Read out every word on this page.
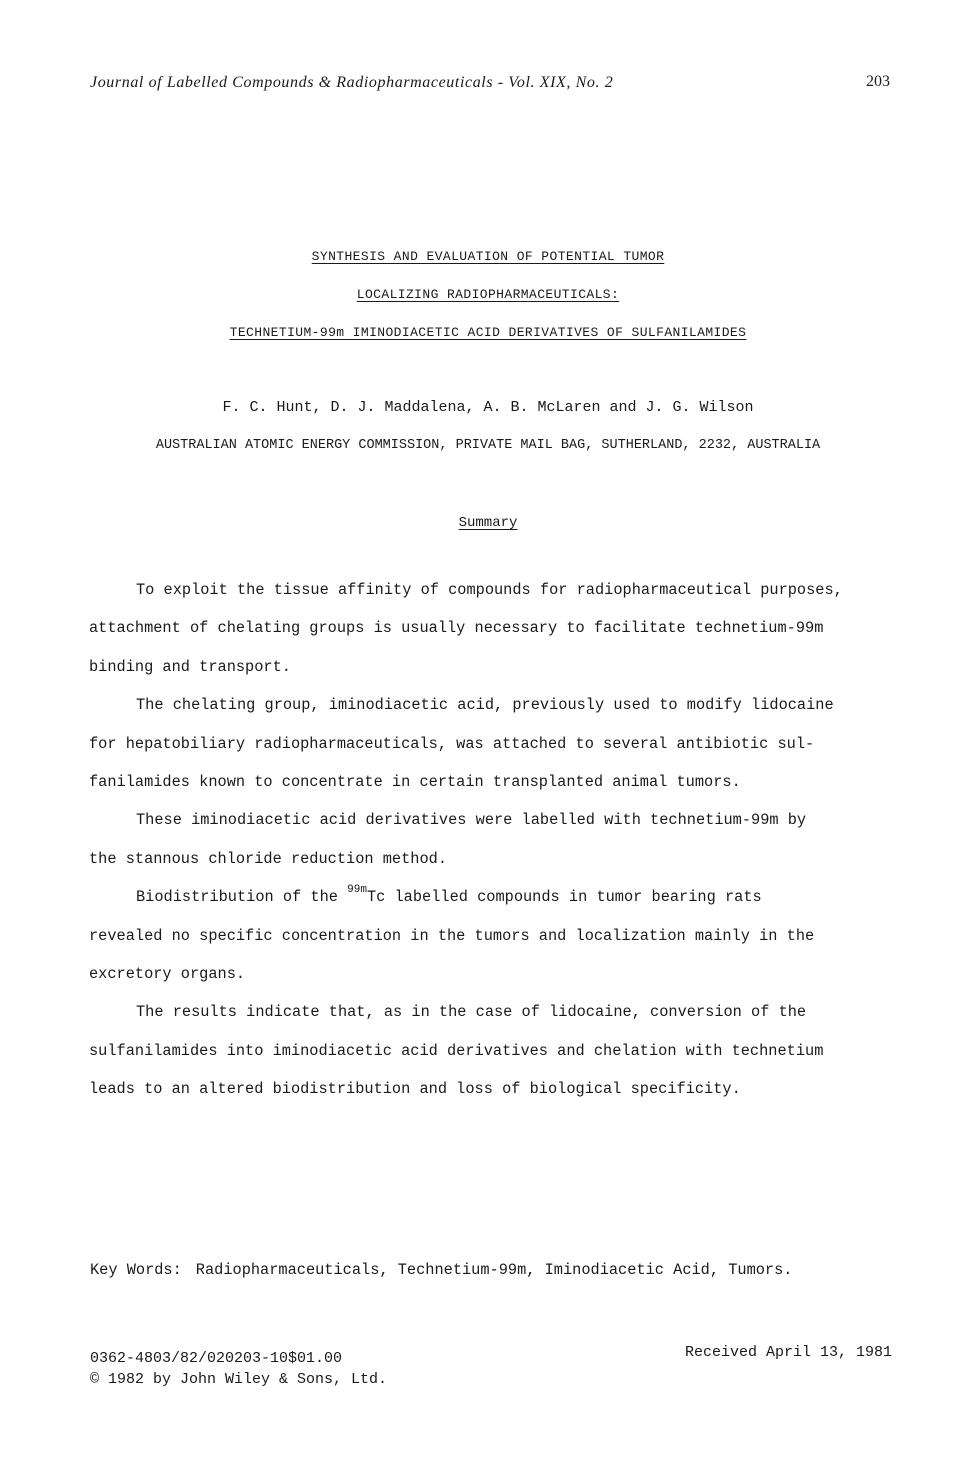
Journal of Labelled Compounds & Radiopharmaceuticals - Vol. XIX, No. 2	203
SYNTHESIS AND EVALUATION OF POTENTIAL TUMOR
LOCALIZING RADIOPHARMACEUTICALS:
TECHNETIUM-99m IMINODIACETIC ACID DERIVATIVES OF SULFANILAMIDES
F. C. Hunt, D. J. Maddalena, A. B. McLaren and J. G. Wilson
AUSTRALIAN ATOMIC ENERGY COMMISSION, PRIVATE MAIL BAG, SUTHERLAND, 2232, AUSTRALIA
Summary
To exploit the tissue affinity of compounds for radiopharmaceutical purposes,
attachment of chelating groups is usually necessary to facilitate technetium-99m
binding and transport.
The chelating group, iminodiacetic acid, previously used to modify lidocaine
for hepatobiliary radiopharmaceuticals, was attached to several antibiotic sul-
fanilamides known to concentrate in certain transplanted animal tumors.
These iminodiacetic acid derivatives were labelled with technetium-99m by
the stannous chloride reduction method.
Biodistribution of the $^{99m}$Tc labelled compounds in tumor bearing rats
revealed no specific concentration in the tumors and localization mainly in the
excretory organs.
The results indicate that, as in the case of lidocaine, conversion of the
sulfanilamides into iminodiacetic acid derivatives and chelation with technetium
leads to an altered biodistribution and loss of biological specificity.
Key Words: Radiopharmaceuticals, Technetium-99m, Iminodiacetic Acid, Tumors.
0362-4803/82/020203-10$01.00
© 1982 by John Wiley & Sons, Ltd.
Received April 13, 1981
